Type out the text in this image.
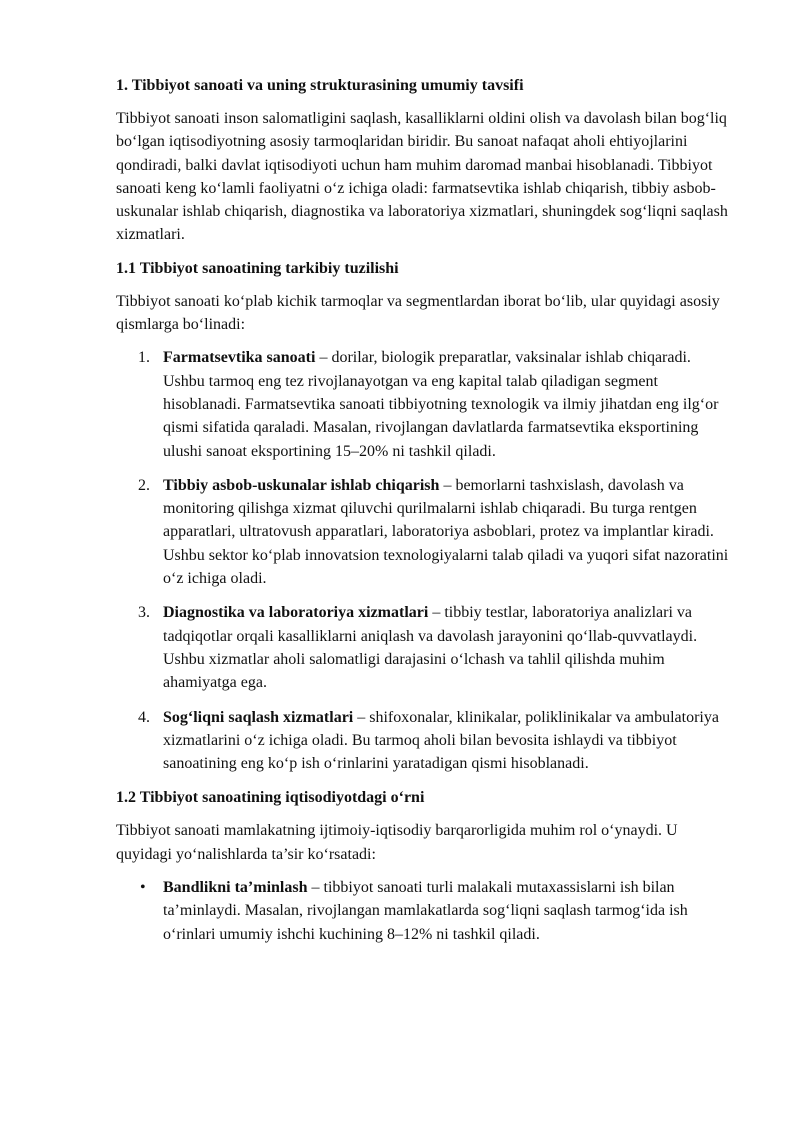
1. Tibbiyot sanoati va uning strukturasining umumiy tavsifi

Tibbiyot sanoati inson salomatligini saqlash, kasalliklarni oldini olish va davolash bilan bog‘liq bo‘lgan iqtisodiyotning asosiy tarmoqlaridan biridir. Bu sanoat nafaqat aholi ehtiyojlarini qondiradi, balki davlat iqtisodiyoti uchun ham muhim daromad manbai hisoblanadi. Tibbiyot sanoati keng ko‘lamli faoliyatni o‘z ichiga oladi: farmatsevtika ishlab chiqarish, tibbiy asbob-uskunalar ishlab chiqarish, diagnostika va laboratoriya xizmatlari, shuningdek sog‘liqni saqlash xizmatlari.

1.1 Tibbiyot sanoatining tarkibiy tuzilishi

Tibbiyot sanoati ko‘plab kichik tarmoqlar va segmentlardan iborat bo‘lib, ular quyidagi asosiy qismlarga bo‘linadi:

1. Farmatsevtika sanoati – dorilar, biologik preparatlar, vaksinalar ishlab chiqaradi. Ushbu tarmoq eng tez rivojlanayotgan va eng kapital talab qiladigan segment hisoblanadi. Farmatsevtika sanoati tibbiyotning texnologik va ilmiy jihatdan eng ilg‘or qismi sifatida qaraladi. Masalan, rivojlangan davlatlarda farmatsevtika eksportining ulushi sanoat eksportining 15–20% ni tashkil qiladi.
2. Tibbiy asbob-uskunalar ishlab chiqarish – bemorlarni tashxislash, davolash va monitoring qilishga xizmat qiluvchi qurilmalarni ishlab chiqaradi. Bu turga rentgen apparatlari, ultratovush apparatlari, laboratoriya asboblari, protez va implantlar kiradi. Ushbu sektor ko‘plab innovatsion texnologiyalarni talab qiladi va yuqori sifat nazoratini o‘z ichiga oladi.
3. Diagnostika va laboratoriya xizmatlari – tibbiy testlar, laboratoriya analizlari va tadqiqotlar orqali kasalliklarni aniqlash va davolash jarayonini qo‘llab-quvvatlaydi. Ushbu xizmatlar aholi salomatligi darajasini o‘lchash va tahlil qilishda muhim ahamiyatga ega.
4. Sog‘liqni saqlash xizmatlari – shifoxonalar, klinikalar, poliklinikalar va ambulatoriya xizmatlarini o‘z ichiga oladi. Bu tarmoq aholi bilan bevosita ishlaydi va tibbiyot sanoatining eng ko‘p ish o‘rinlarini yaratadigan qismi hisoblanadi.
1.2 Tibbiyot sanoatining iqtisodiyotdagi o‘rni

Tibbiyot sanoati mamlakatning ijtimoiy-iqtisodiy barqarorligida muhim rol o‘ynaydi. U quyidagi yo‘nalishlarda ta’sir ko‘rsatadi:

• Bandlikni ta’minlash – tibbiyot sanoati turli malakali mutaxassislarni ish bilan ta’minlaydi. Masalan, rivojlangan mamlakatlarda sog‘liqni saqlash tarmog‘ida ish o‘rinlari umumiy ishchi kuchining 8–12% ni tashkil qiladi.
